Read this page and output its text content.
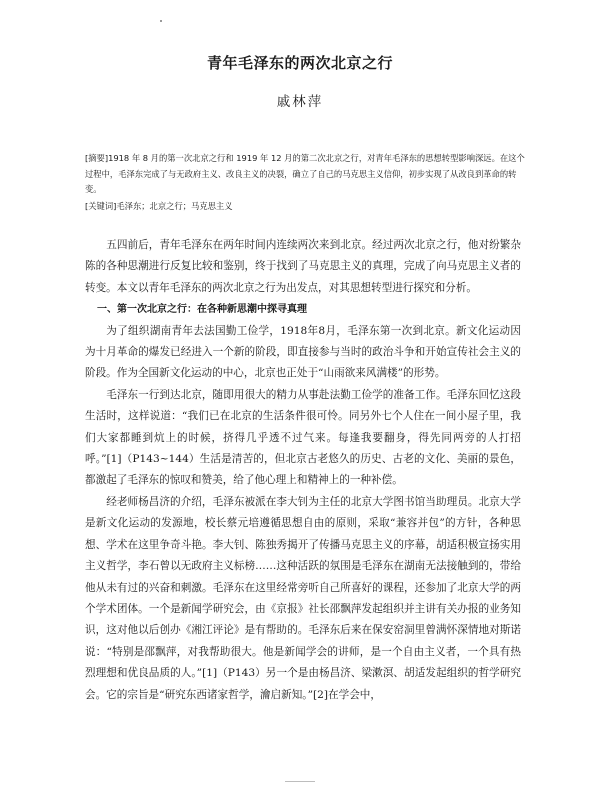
青年毛泽东的两次北京之行
戚林萍

[摘要]1918 年 8 月的第一次北京之行和 1919 年 12 月的第二次北京之行，对青年毛泽东的思想转型影响深远。在这个过程中，毛泽东完成了与无政府主义、改良主义的决裂，确立了自己的马克思主义信仰，初步实现了从改良到革命的转变。

[关键词]毛泽东；北京之行；马克思主义

五四前后，青年毛泽东在两年时间内连续两次来到北京。经过两次北京之行，他对纷繁杂陈的各种思潮进行反复比较和鉴别，终于找到了马克思主义的真理，完成了向马克思主义者的转变。本文以青年毛泽东的两次北京之行为出发点，对其思想转型进行探究和分析。

一、第一次北京之行：在各种新思潮中探寻真理

为了组织湖南青年去法国勤工俭学，1918年8月，毛泽东第一次到北京。新文化运动因为十月革命的爆发已经进入一个新的阶段，即直接参与当时的政治斗争和开始宣传社会主义的阶段。作为全国新文化运动的中心，北京也正处于“山雨欲来风满楼”的形势。

毛泽东一行到达北京，随即用很大的精力从事赴法勤工俭学的准备工作。毛泽东回忆这段生活时，这样说道：“我们已在北京的生活条件很可怜。同另外七个人住在一间小屋子里，我们大家都睡到炕上的时候，挤得几乎透不过气来。每逢我要翻身，得先同两旁的人打招呼。”[1]（P143~144）生活是清苦的，但北京古老悠久的历史、古老的文化、美丽的景色，都激起了毛泽东的惊叹和赞美，给了他心理上和精神上的一种补偿。

经老师杨昌济的介绍，毛泽东被派在李大钊为主任的北京大学图书馆当助理员。北京大学是新文化运动的发源地，校长蔡元培遵循思想自由的原则，采取“兼容并包”的方针，各种思想、学术在这里争奇斗艳。李大钊、陈独秀揭开了传播马克思主义的序幕，胡适积极宣扬实用主义哲学，李石曾以无政府主义标榜……这种活跃的氛围是毛泽东在湖南无法接触到的，带给他从未有过的兴奋和刺激。毛泽东在这里经常旁听自己所喜好的课程，还参加了北京大学的两个学术团体。一个是新闻学研究会，由《京报》社长邵飘萍发起组织并主讲有关办报的业务知识，这对他以后创办《湘江评论》是有帮助的。毛泽东后来在保安窑洞里曾满怀深情地对斯诺说：“特别是邵飘萍，对我帮助很大。他是新闻学会的讲师，是一个自由主义者，一个具有热烈理想和优良品质的人。”[1]（P143）另一个是由杨昌济、梁漱溟、胡适发起组织的哲学研究会。它的宗旨是“研究东西诸家哲学，瀹启新知。”[2]在学会中，
